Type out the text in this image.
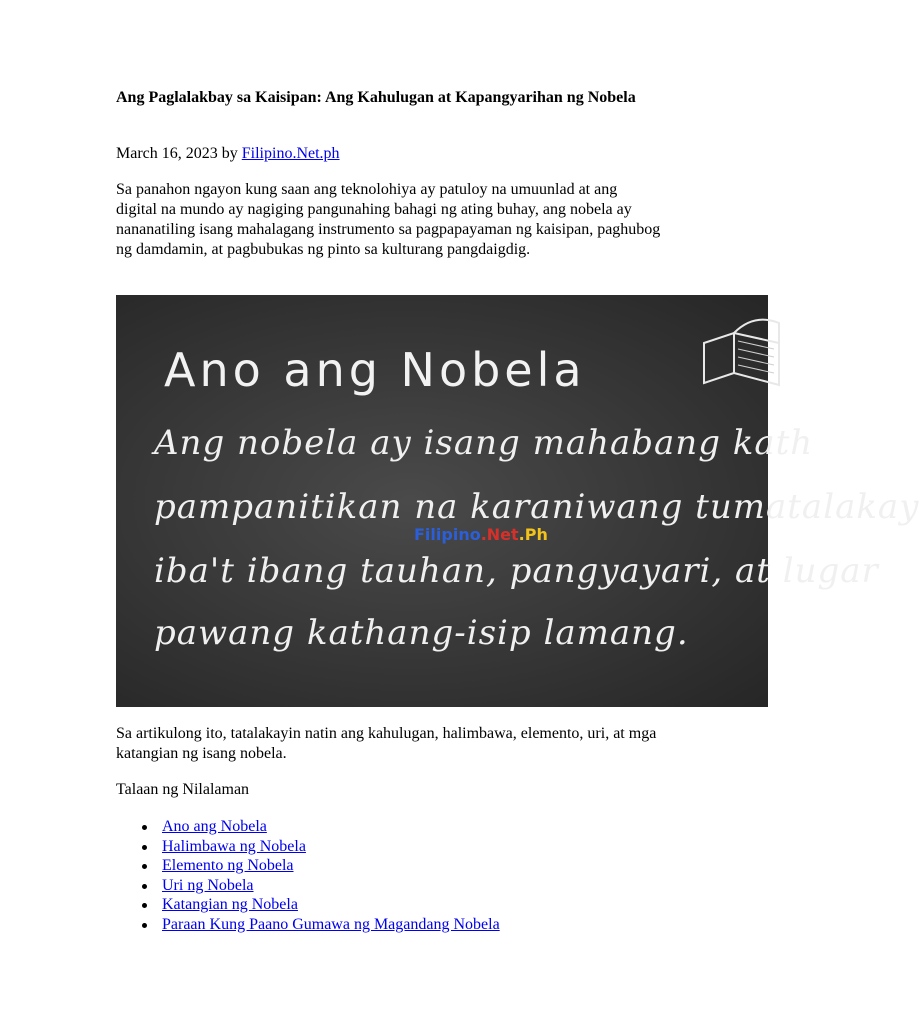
Ang Paglalakbay sa Kaisipan: Ang Kahulugan at Kapangyarihan ng Nobela
March 16, 2023 by Filipino.Net.ph

Sa panahon ngayon kung saan ang teknolohiya ay patuloy na umuunlad at ang digital na mundo ay nagiging pangunahing bahagi ng ating buhay, ang nobela ay nananatiling isang mahalagang instrumento sa pagpapayaman ng kaisipan, paghubog ng damdamin, at pagbubukas ng pinto sa kulturang pangdaigdig.

Ano ang Nobela
Ang nobela ay isang mahabang kath
pampanitikan na karaniwang tumatalakay
Filipino.Net.Ph
iba't ibang tauhan, pangyayari, at lugar
pawang kathang-isip lamang.

Sa artikulong ito, tatalakayin natin ang kahulugan, halimbawa, elemento, uri, at mga katangian ng isang nobela.

Talaan ng Nilalaman
Ano ang Nobela
Halimbawa ng Nobela
Elemento ng Nobela
Uri ng Nobela
Katangian ng Nobela
Paraan Kung Paano Gumawa ng Magandang Nobela
